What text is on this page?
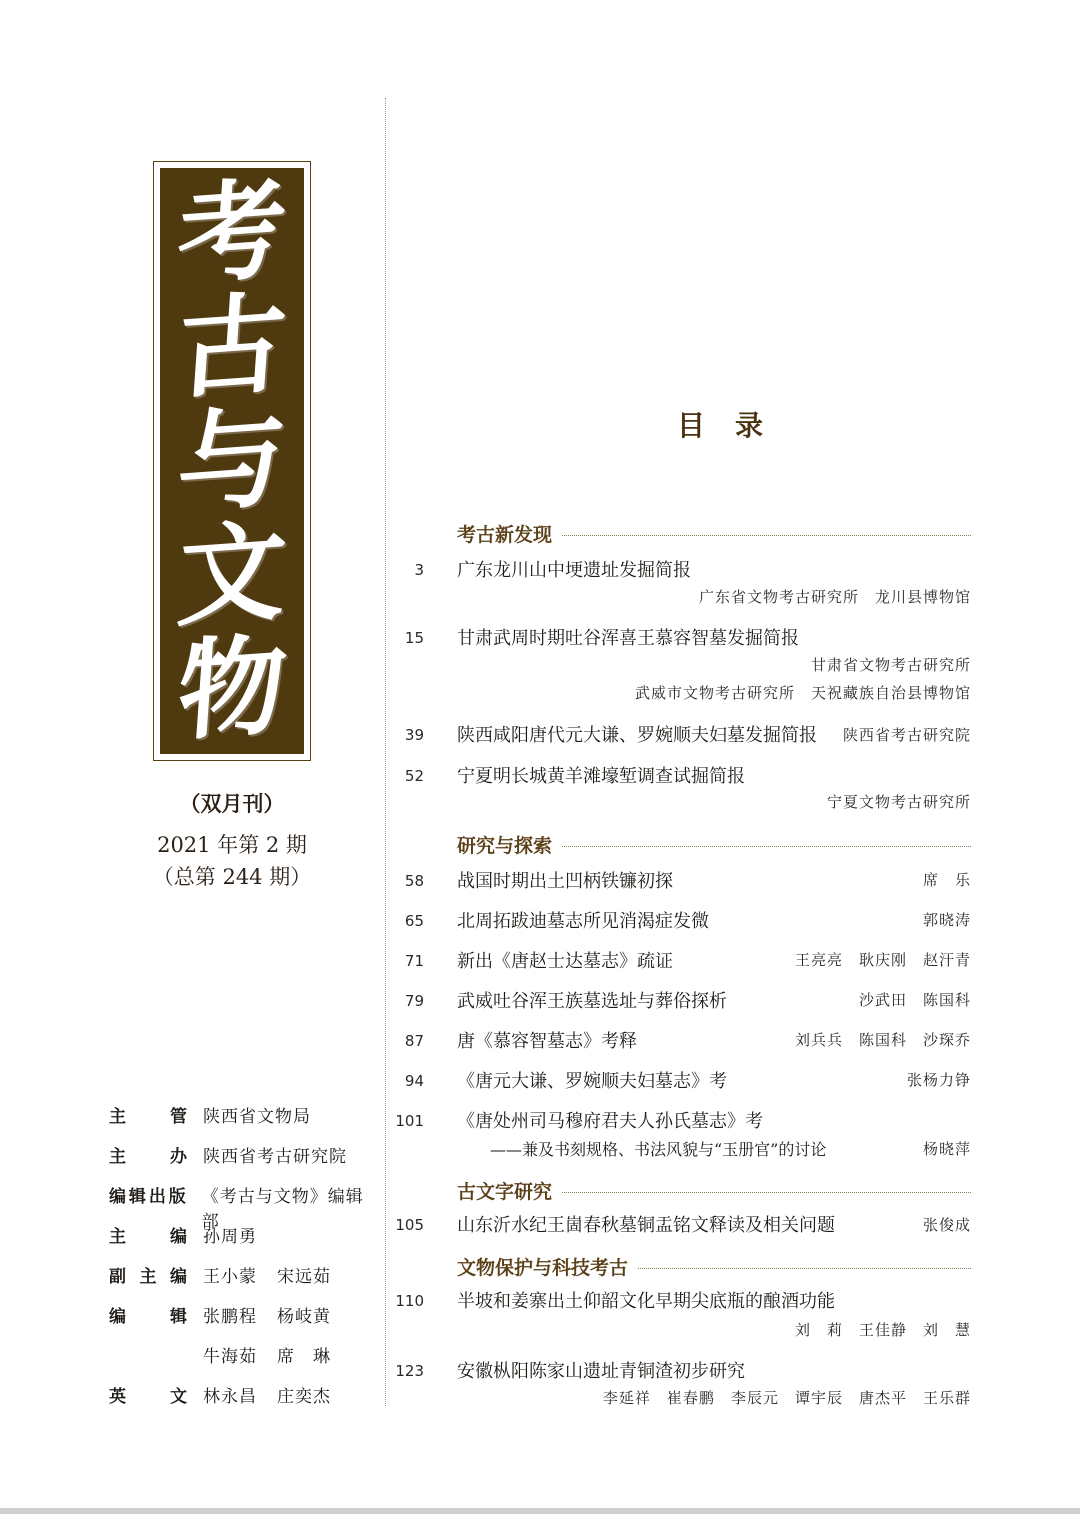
考
古
与
文
物
（双月刊）
2021 年第 2 期
（总第 244 期）
主管 陕西省文物局
主办 陕西省考古研究院
编辑出版 《考古与文物》编辑部
主编 孙周勇
副主编 王小蒙 宋远茹
编辑 张鹏程 杨岐黄
牛海茹 席　琳
英文 林永昌 庄奕杰
目 录
考古新发现
3 广东龙川山中埂遗址发掘简报
广东省文物考古研究所 龙川县博物馆
15 甘肃武周时期吐谷浑喜王慕容智墓发掘简报
甘肃省文物考古研究所
武威市文物考古研究所 天祝藏族自治县博物馆
39 陕西咸阳唐代元大谦、罗婉顺夫妇墓发掘简报 陕西省考古研究院
52 宁夏明长城黄羊滩壕堑调查试掘简报
宁夏文物考古研究所
研究与探索
58 战国时期出土凹柄铁镰初探	席　乐
65 北周拓跋迪墓志所见消渴症发微	郭晓涛
71 新出《唐赵士达墓志》疏证	王亮亮 耿庆刚 赵汗青
79 武威吐谷浑王族墓选址与葬俗探析	沙武田 陈国科
87 唐《慕容智墓志》考释	刘兵兵 陈国科 沙琛乔
94 《唐元大谦、罗婉顺夫妇墓志》考	张杨力铮
101 《唐处州司马穆府君夫人孙氏墓志》考
——兼及书刻规格、书法风貌与“玉册官”的讨论	杨晓萍
古文字研究
105 山东沂水纪王崮春秋墓铜盂铭文释读及相关问题	张俊成
文物保护与科技考古
110 半坡和姜寨出土仰韶文化早期尖底瓶的酿酒功能
刘　莉 王佳静 刘　慧
123 安徽枞阳陈家山遗址青铜渣初步研究
李延祥 崔春鹏 李辰元 谭宇辰 唐杰平 王乐群
